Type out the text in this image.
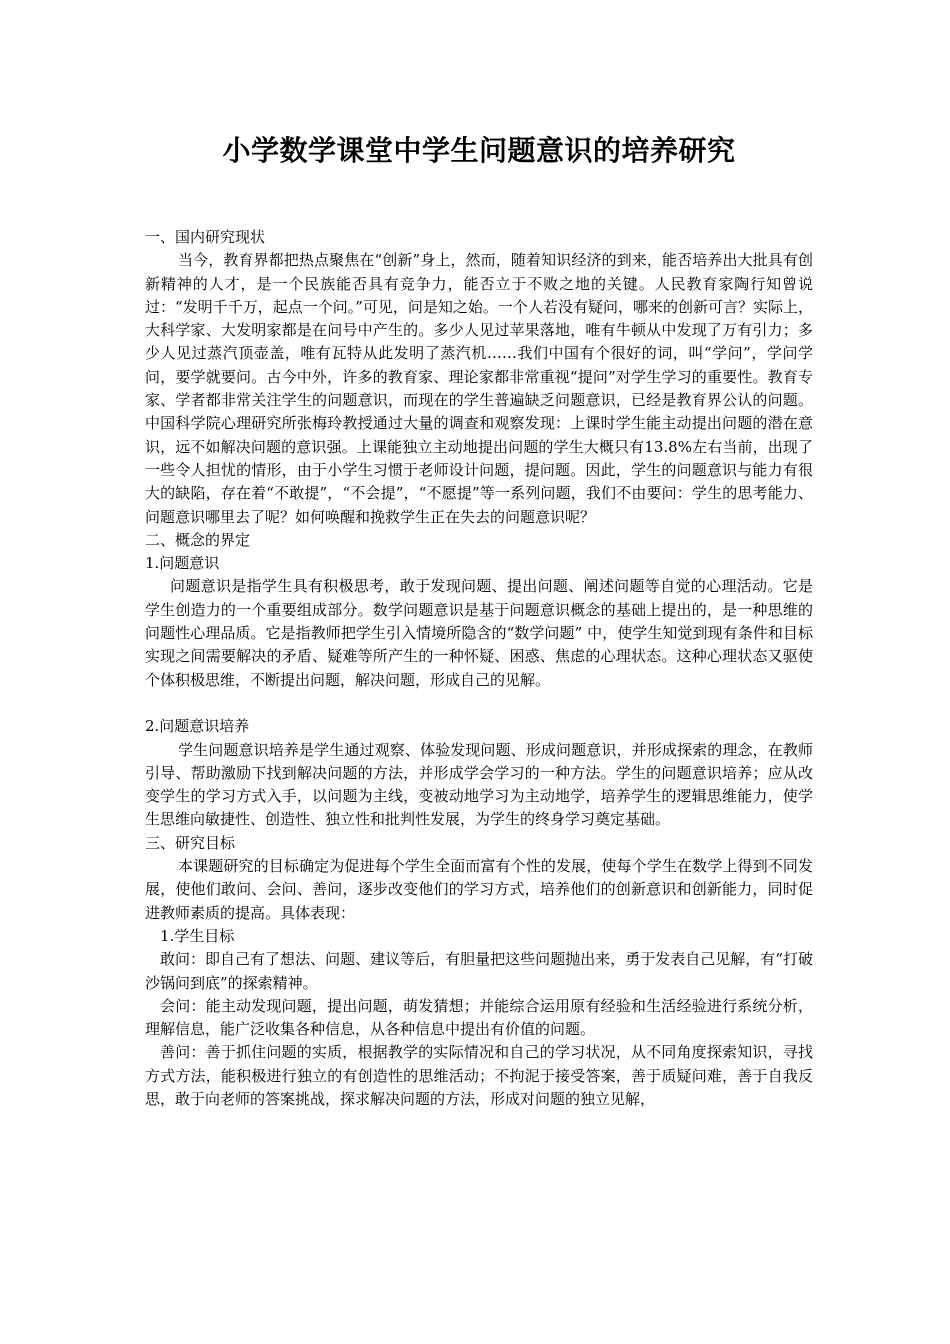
小学数学课堂中学生问题意识的培养研究

一、国内研究现状

当今，教育界都把热点聚焦在“创新”身上，然而，随着知识经济的到来，能否培养出大批具有创新精神的人才，是一个民族能否具有竞争力，能否立于不败之地的关键。人民教育家陶行知曾说过：“发明千千万，起点一个问。”可见，问是知之始。一个人若没有疑问，哪来的创新可言？实际上，大科学家、大发明家都是在问号中产生的。多少人见过苹果落地，唯有牛顿从中发现了万有引力；多少人见过蒸汽顶壶盖，唯有瓦特从此发明了蒸汽机……我们中国有个很好的词，叫“学问”，学问学问，要学就要问。古今中外，许多的教育家、理论家都非常重视“提问”对学生学习的重要性。教育专家、学者都非常关注学生的问题意识，而现在的学生普遍缺乏问题意识，已经是教育界公认的问题。中国科学院心理研究所张梅玲教授通过大量的调查和观察发现：上课时学生能主动提出问题的潜在意识，远不如解决问题的意识强。上课能独立主动地提出问题的学生大概只有13.8%左右当前，出现了一些令人担忧的情形，由于小学生习惯于老师设计问题，提问题。因此，学生的问题意识与能力有很大的缺陷，存在着“不敢提”，“不会提”，“不愿提”等一系列问题，我们不由要问：学生的思考能力、问题意识哪里去了呢？如何唤醒和挽救学生正在失去的问题意识呢？

二、概念的界定

1.问题意识

问题意识是指学生具有积极思考，敢于发现问题、提出问题、阐述问题等自觉的心理活动。它是学生创造力的一个重要组成部分。数学问题意识是基于问题意识概念的基础上提出的，是一种思维的问题性心理品质。它是指教师把学生引入情境所隐含的“数学问题” 中，使学生知觉到现有条件和目标实现之间需要解决的矛盾、疑难等所产生的一种怀疑、困惑、焦虑的心理状态。这种心理状态又驱使个体积极思维，不断提出问题，解决问题，形成自己的见解。

2.问题意识培养

学生问题意识培养是学生通过观察、体验发现问题、形成问题意识，并形成探索的理念，在教师引导、帮助激励下找到解决问题的方法，并形成学会学习的一种方法。学生的问题意识培养；应从改变学生的学习方式入手，以问题为主线，变被动地学习为主动地学，培养学生的逻辑思维能力，使学生思维向敏捷性、创造性、独立性和批判性发展，为学生的终身学习奠定基础。

三、研究目标

本课题研究的目标确定为促进每个学生全面而富有个性的发展，使每个学生在数学上得到不同发展，使他们敢问、会问、善问，逐步改变他们的学习方式，培养他们的创新意识和创新能力，同时促进教师素质的提高。具体表现：

1.学生目标

敢问：即自己有了想法、问题、建议等后，有胆量把这些问题抛出来，勇于发表自己见解，有“打破沙锅问到底”的探索精神。

会问：能主动发现问题，提出问题，萌发猜想；并能综合运用原有经验和生活经验进行系统分析，理解信息，能广泛收集各种信息，从各种信息中提出有价值的问题。

善问：善于抓住问题的实质，根据教学的实际情况和自己的学习状况，从不同角度探索知识，寻找方式方法，能积极进行独立的有创造性的思维活动；不拘泥于接受答案，善于质疑问难，善于自我反思，敢于向老师的答案挑战，探求解决问题的方法，形成对问题的独立见解，
